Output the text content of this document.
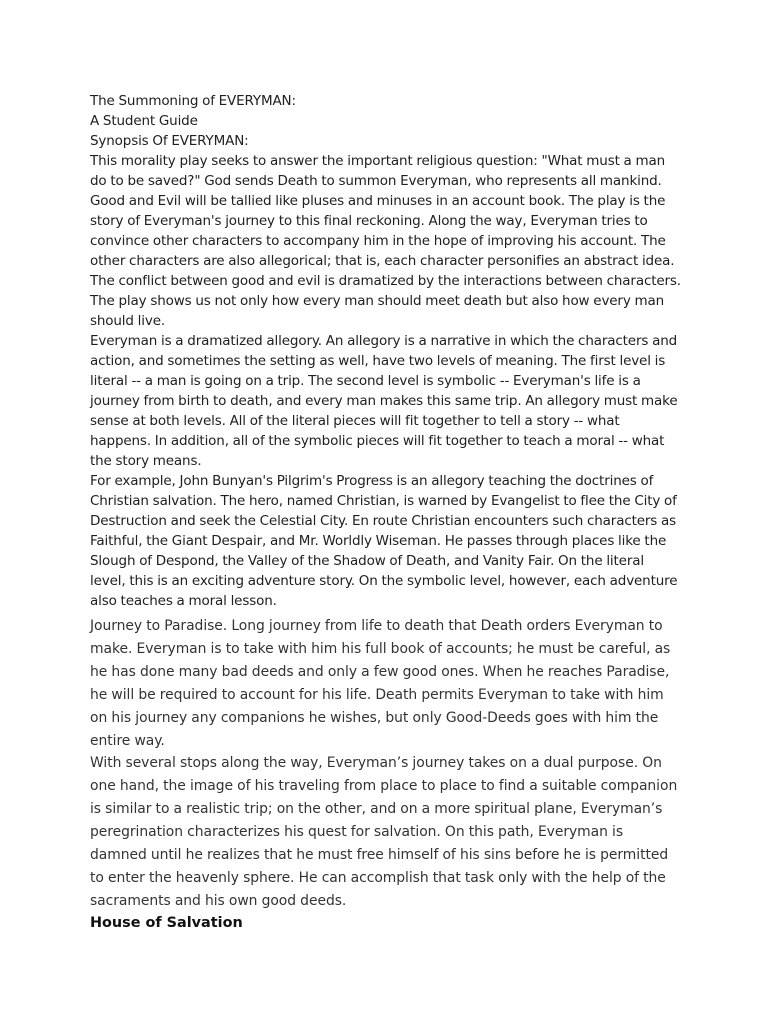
The Summoning of EVERYMAN:

A Student Guide

Synopsis Of EVERYMAN:

This morality play seeks to answer the important religious question: "What must a man do to be saved?" God sends Death to summon Everyman, who represents all mankind. Good and Evil will be tallied like pluses and minuses in an account book. The play is the story of Everyman's journey to this final reckoning. Along the way, Everyman tries to convince other characters to accompany him in the hope of improving his account. The other characters are also allegorical; that is, each character personifies an abstract idea. The conflict between good and evil is dramatized by the interactions between characters. The play shows us not only how every man should meet death but also how every man should live.

Everyman is a dramatized allegory. An allegory is a narrative in which the characters and action, and sometimes the setting as well, have two levels of meaning. The first level is literal -- a man is going on a trip. The second level is symbolic -- Everyman's life is a journey from birth to death, and every man makes this same trip. An allegory must make sense at both levels. All of the literal pieces will fit together to tell a story -- what happens. In addition, all of the symbolic pieces will fit together to teach a moral -- what the story means.

For example, John Bunyan's Pilgrim's Progress is an allegory teaching the doctrines of Christian salvation. The hero, named Christian, is warned by Evangelist to flee the City of Destruction and seek the Celestial City. En route Christian encounters such characters as Faithful, the Giant Despair, and Mr. Worldly Wiseman. He passes through places like the Slough of Despond, the Valley of the Shadow of Death, and Vanity Fair. On the literal level, this is an exciting adventure story. On the symbolic level, however, each adventure also teaches a moral lesson.

Journey to Paradise. Long journey from life to death that Death orders Everyman to make. Everyman is to take with him his full book of accounts; he must be careful, as he has done many bad deeds and only a few good ones. When he reaches Paradise, he will be required to account for his life. Death permits Everyman to take with him on his journey any companions he wishes, but only Good-Deeds goes with him the entire way.

With several stops along the way, Everyman’s journey takes on a dual purpose. On one hand, the image of his traveling from place to place to find a suitable companion is similar to a realistic trip; on the other, and on a more spiritual plane, Everyman’s peregrination characterizes his quest for salvation. On this path, Everyman is damned until he realizes that he must free himself of his sins before he is permitted to enter the heavenly sphere. He can accomplish that task only with the help of the sacraments and his own good deeds.

House of Salvation
